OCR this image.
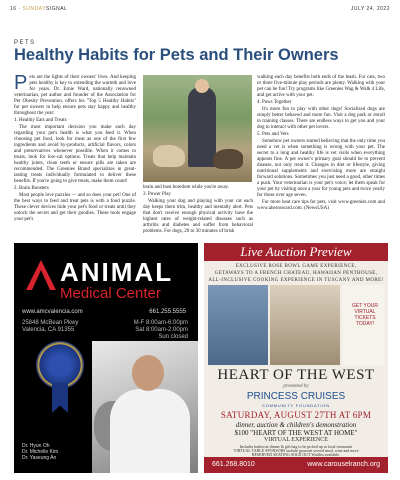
16 · SUNDAYSIGNAL	JULY 24, 2022
PETS
Healthy Habits for Pets and Their Owners

Pets are the lights of their owners' lives. And keeping pets healthy is key to extending the warmth and love for years. Dr. Ernie Ward, nationally renowned veterinarian, pet author and founder of the Association for Pet Obesity Prevention, offers his "Top 5 Healthy Habits" for pet owners to help ensure pets stay happy and healthy throughout the year:

1. Healthy Eats and Treats

The most important decision you make each day regarding your pet's health is what you feed it. When choosing pet food, look for meat as one of the first few ingredients and avoid by-products, artificial flavors, colors and preservatives whenever possible. When it comes to treats, look for low-cal options. Treats that help maintain healthy joints, clean teeth or ensure pills are taken are recommended. The Greenies Brand specializes in great-tasting treats individually formulated to deliver these benefits. If you're going to give treats, make them count!

2. Brain Boosters

Most people love puzzles — and so does your pet! One of the best ways to feed and treat pets is with a food puzzle. These clever devices hide your pet's food or treats until they unlock the secret and get their goodies. These tools engage your pet's

brain and bust boredom while you're away.

3. Power Play

Walking your dog and playing with your cat each day keeps them trim, healthy and mentally alert. Pets that don't receive enough physical activity have the highest rates of weight-related diseases such as arthritis and diabetes and suffer from behavioral problems. For dogs, 20 to 30 minutes of brisk

walking each day benefits both ends of the leash. For cats, two or three five-minute play periods are plenty. Walking with your pet can be fun! Try programs like Greenies Wag & Walk 4 Life, and get active with your pet.

4. Paws Together

It's more fun to play with other dogs! Socialized dogs are simply better behaved and more fun. Visit a dog park or enroll in training classes. There are endless ways to get you and your dog to interact with other pet lovers.

5. Pets and Vets

Somehow pet owners started believing that the only time you need a vet is when something is wrong with your pet. The secret to a long and healthy life is vet visits when everything appears fine. A pet owner's primary goal should be to prevent disease, not only treat it. Changes in diet or lifestyle, giving nutritional supplements and exercising more are straight forward solutions. Sometimes you just need a good, other times a push. Your veterinarian is your pet's voice; let them speak for your pet by visiting once a year for young pets and twice yearly for those over age seven.

For more heat care tips for pets, visit www.greenies.com and www.ahernsward.com. (NewsUSA)

ANIMAL
Medical Center
www.amcvalencia.com	661.255.5555
25848 McBean Pkwy
Valencia, CA 91355
M-F 8:00am-6:00pm
Sat 8:00am-2:00pm
Sun closed
Dr. Hyun Oh
Dr. Michelle Kim
Dr. Yaseung An
Live Auction Preview
EXCLUSIVE ROSE BOWL GAME EXPERIENCE,
GETAWAYS TO A FRENCH CHATEAU, HAWAIIAN PENTHOUSE,
ALL-INCLUSIVE COOKING EXPERIENCE IN TUSCANY AND MORE!
GET YOUR
VIRTUAL
TICKETS
TODAY!
HEART OF THE WEST
presented by
PRINCESS CRUISES
COMMUNITY FOUNDATION
SATURDAY, AUGUST 27TH AT 6PM
dinner, auction & children's demonstration
$100 "HEART OF THE WEST AT HOME"
VIRTUAL EXPERIENCE
Includes barbecue dinner & gift bag to be picked up at local restaurant
VIRTUAL TABLE SPONSORS include gourmet served meal, wine and more
RESERVED SEATING SOLD OUT Waitlist available.
661.268.8010	www.carouselranch.org
